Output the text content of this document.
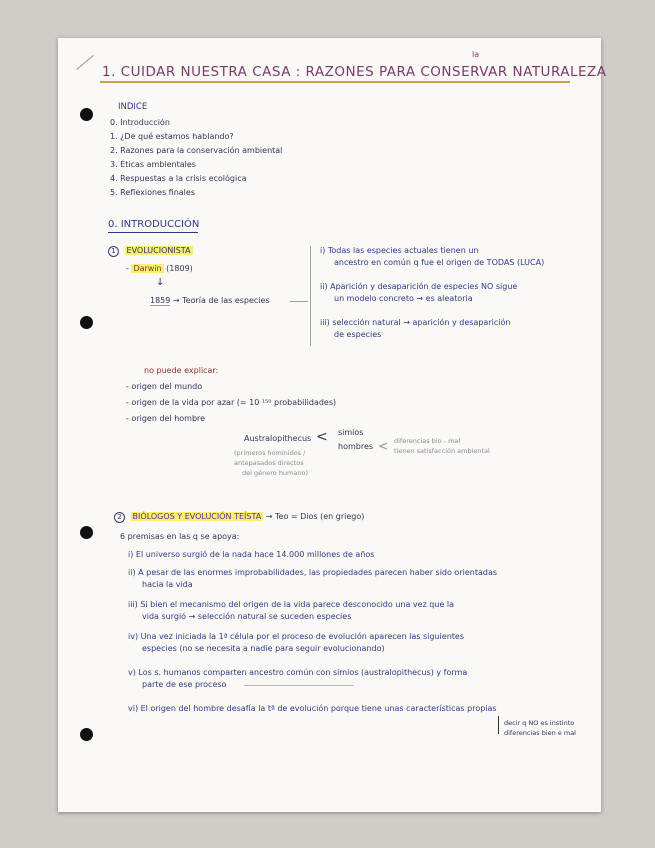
la
1. CUIDAR NUESTRA CASA : RAZONES PARA CONSERVAR NATURALEZA
INDICE
0. Introducción
1. ¿De qué estamos hablando?
2. Razones para la conservación ambiental
3. Éticas ambientales
4. Respuestas a la crisis ecológica
5. Reflexiones finales
0. INTRODUCCIÓN
1 EVOLUCIONISTA
- Darwin (1809)
↓
1859 → Teoría de las especies
i) Todas las especies actuales tienen un
ancestro en común q fue el origen de TODAS (LUCA)
ii) Aparición y desaparición de especies NO sigue
un modelo concreto → es aleatoria
iii) selección natural → aparición y desaparición
de especies
no puede explicar:
- origen del mundo
- origen de la vida por azar (= 10 ¹⁵⁰ probabilidades)
- origen del hombre
Australopithecus < simios
hombres < diferencias bio - mal
tienen satisfacción ambiental
(primeros homínidos /
antepasados directos
del género humano)
2 BIÓLOGOS Y EVOLUCIÓN TEÍSTA → Teo = Dios (en griego)
6 premisas en las q se apoya:
i) El universo surgió de la nada hace 14.000 millones de años
ii) A pesar de las enormes improbabilidades, las propiedades parecen haber sido orientadas
hacia la vida
iii) Si bien el mecanismo del origen de la vida parece desconocido una vez que la
vida surgió → selección natural se suceden especies
iv) Una vez iniciada la 1ª célula por el proceso de evolución aparecen las siguientes
especies (no se necesita a nadie para seguir evolucionando)
v) Los s. humanos comparten ancestro común con simios (australopithecus) y forma
parte de ese proceso
vi) El origen del hombre desafía la tª de evolución porque tiene unas características propias
decir q NO es instinto
diferencias bien e mal
